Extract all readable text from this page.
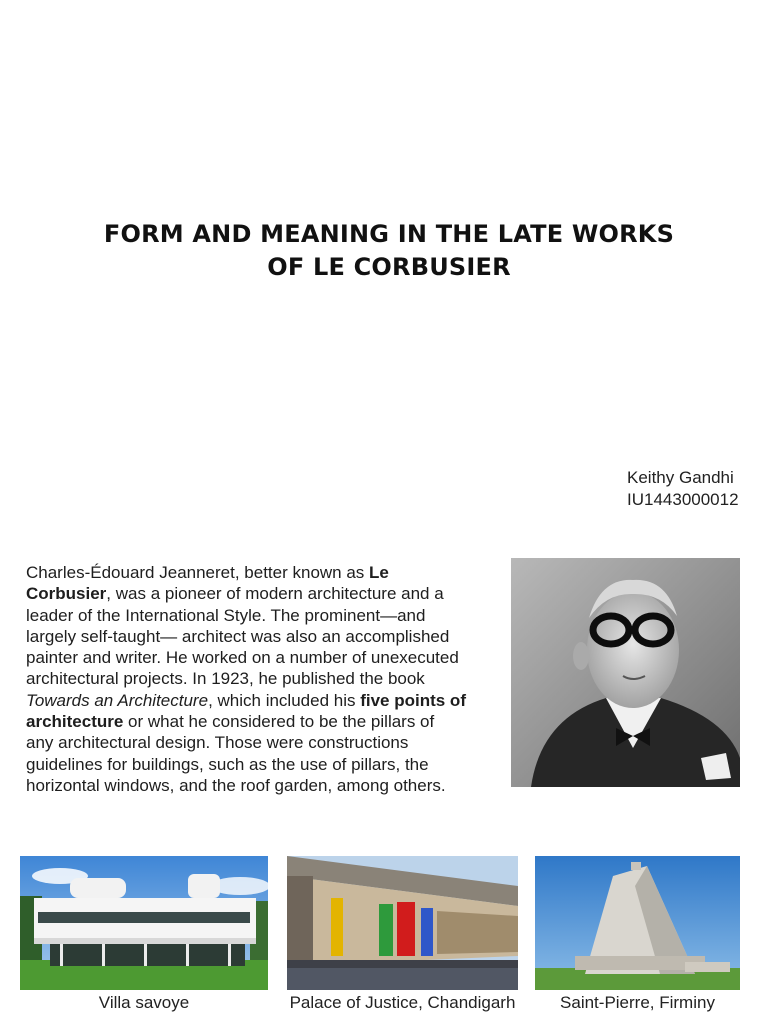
FORM AND MEANING IN THE LATE WORKS
OF LE CORBUSIER
Keithy Gandhi
IU1443000012
Charles-Édouard Jeanneret, better known as Le Corbusier, was a pioneer of modern architecture and a leader of the International Style. The prominent—and largely self-taught— architect was also an accomplished painter and writer. He worked on a number of unexecuted architectural projects. In 1923, he published the book Towards an Architecture, which included his five points of architecture or what he considered to be the pillars of any architectural design. Those were constructions guidelines for buildings, such as the use of pillars, the horizontal windows, and the roof garden, among others.
Villa savoye	Palace of Justice, Chandigarh	Saint-Pierre, Firminy
